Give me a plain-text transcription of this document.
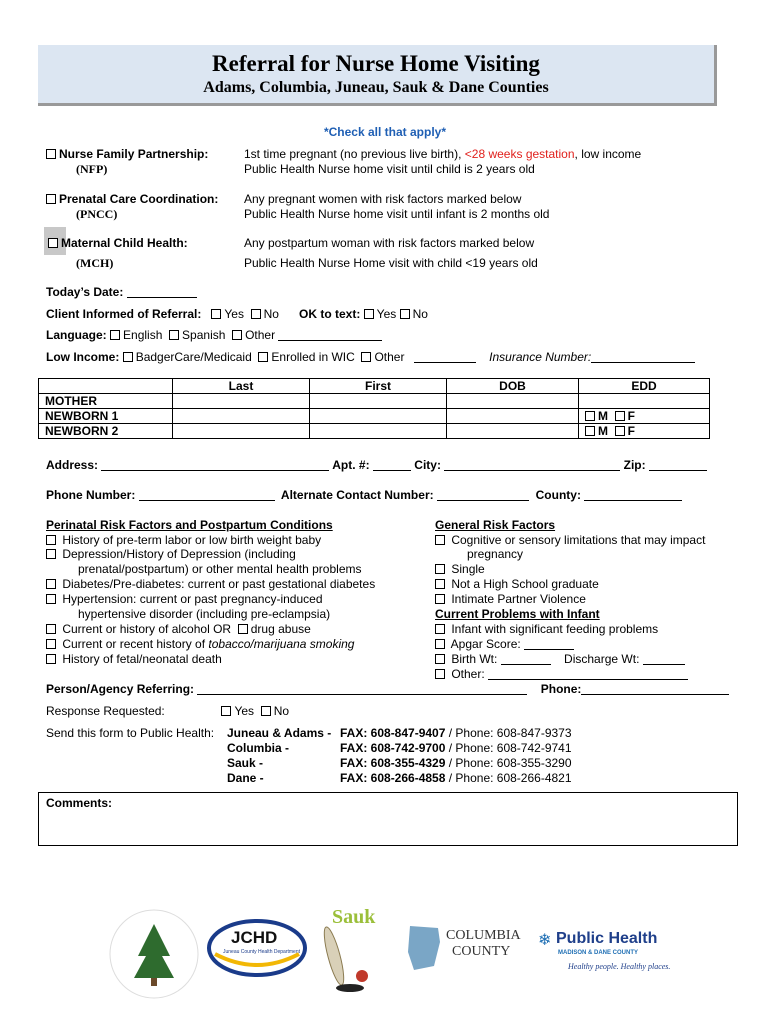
Referral for Nurse Home Visiting
Adams, Columbia, Juneau, Sauk & Dane Counties
*Check all that apply*
Nurse Family Partnership:
(NFP)
1st time pregnant (no previous live birth), <28 weeks gestation, low income
Public Health Nurse home visit until child is 2 years old
Prenatal Care Coordination:
(PNCC)
Any pregnant women with risk factors marked below
Public Health Nurse home visit until infant is 2 months old
Maternal Child Health:
(MCH)
Any postpartum woman with risk factors marked below
Public Health Nurse Home visit with child <19 years old
Today’s Date:
Client Informed of Referral: Yes No OK to text: Yes No
Language: English Spanish Other
Low Income: BadgerCare/Medicaid Enrolled in WIC Other	Insurance Number:
	Last	First	DOB	EDD
MOTHER				
NEWBORN 1				M F
NEWBORN 2				M F
Address:	Apt. #:	City:	Zip:
Phone Number:	Alternate Contact Number:	County:
Perinatal Risk Factors and Postpartum Conditions
History of pre-term labor or low birth weight baby
Depression/History of Depression (including
prenatal/postpartum) or other mental health problems
Diabetes/Pre-diabetes: current or past gestational diabetes
Hypertension: current or past pregnancy-induced
hypertensive disorder (including pre-eclampsia)
Current or history of alcohol OR drug abuse
Current or recent history of tobacco/marijuana smoking
History of fetal/neonatal death
General Risk Factors
Cognitive or sensory limitations that may impact
pregnancy
Single
Not a High School graduate
Intimate Partner Violence
Current Problems with Infant
Infant with significant feeding problems
Apgar Score:
Birth Wt:	Discharge Wt:
Other:
Person/Agency Referring:	Phone:
Response Requested:	Yes No
Send this form to Public Health: Juneau & Adams - FAX: 608-847-9407 / Phone: 608-847-9373
Columbia -	FAX: 608-742-9700 / Phone: 608-742-9741
Sauk -	FAX: 608-355-4329 / Phone: 608-355-3290
Dane -	FAX: 608-266-4858 / Phone: 608-266-4821
Comments:
JCHD
Juneau County Health Department
Sauk
COLUMBIA
COUNTY
❄ Public Health
MADISON & DANE COUNTY
Healthy people. Healthy places.
